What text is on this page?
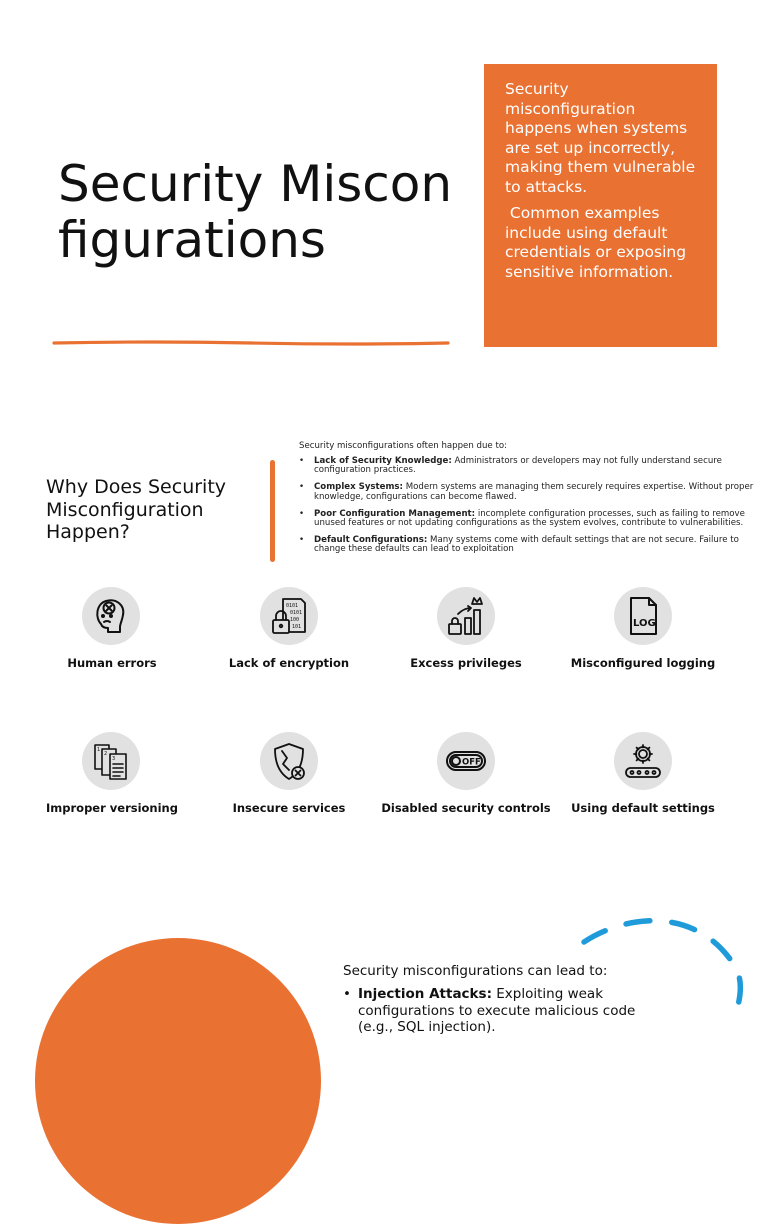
Security Misconfigurations

Security misconfiguration happens when systems are set up incorrectly, making them vulnerable to attacks.

Common examples include using default credentials or exposing sensitive information.

Why Does Security Misconfiguration Happen?
Security misconfigurations often happen due to:
• Lack of Security Knowledge: Administrators or developers may not fully understand secure configuration practices.
• Complex Systems: Modern systems are managing them securely requires expertise. Without proper knowledge, configurations can become flawed.
• Poor Configuration Management: incomplete configuration processes, such as failing to remove unused features or not updating configurations as the system evolves, contribute to vulnerabilities.
• Default Configurations: Many systems come with default settings that are not secure. Failure to change these defaults can lead to exploitation
Human errors
0101
0101
100
101
Lack of encryption	Excess privileges
LOG
Misconfigured logging
1
2
3
Improper versioning	Insecure services
OFF
Disabled security controls	Using default settings
Security misconfigurations can lead to:
• Injection Attacks: Exploiting weak configurations to execute malicious code (e.g., SQL injection).
